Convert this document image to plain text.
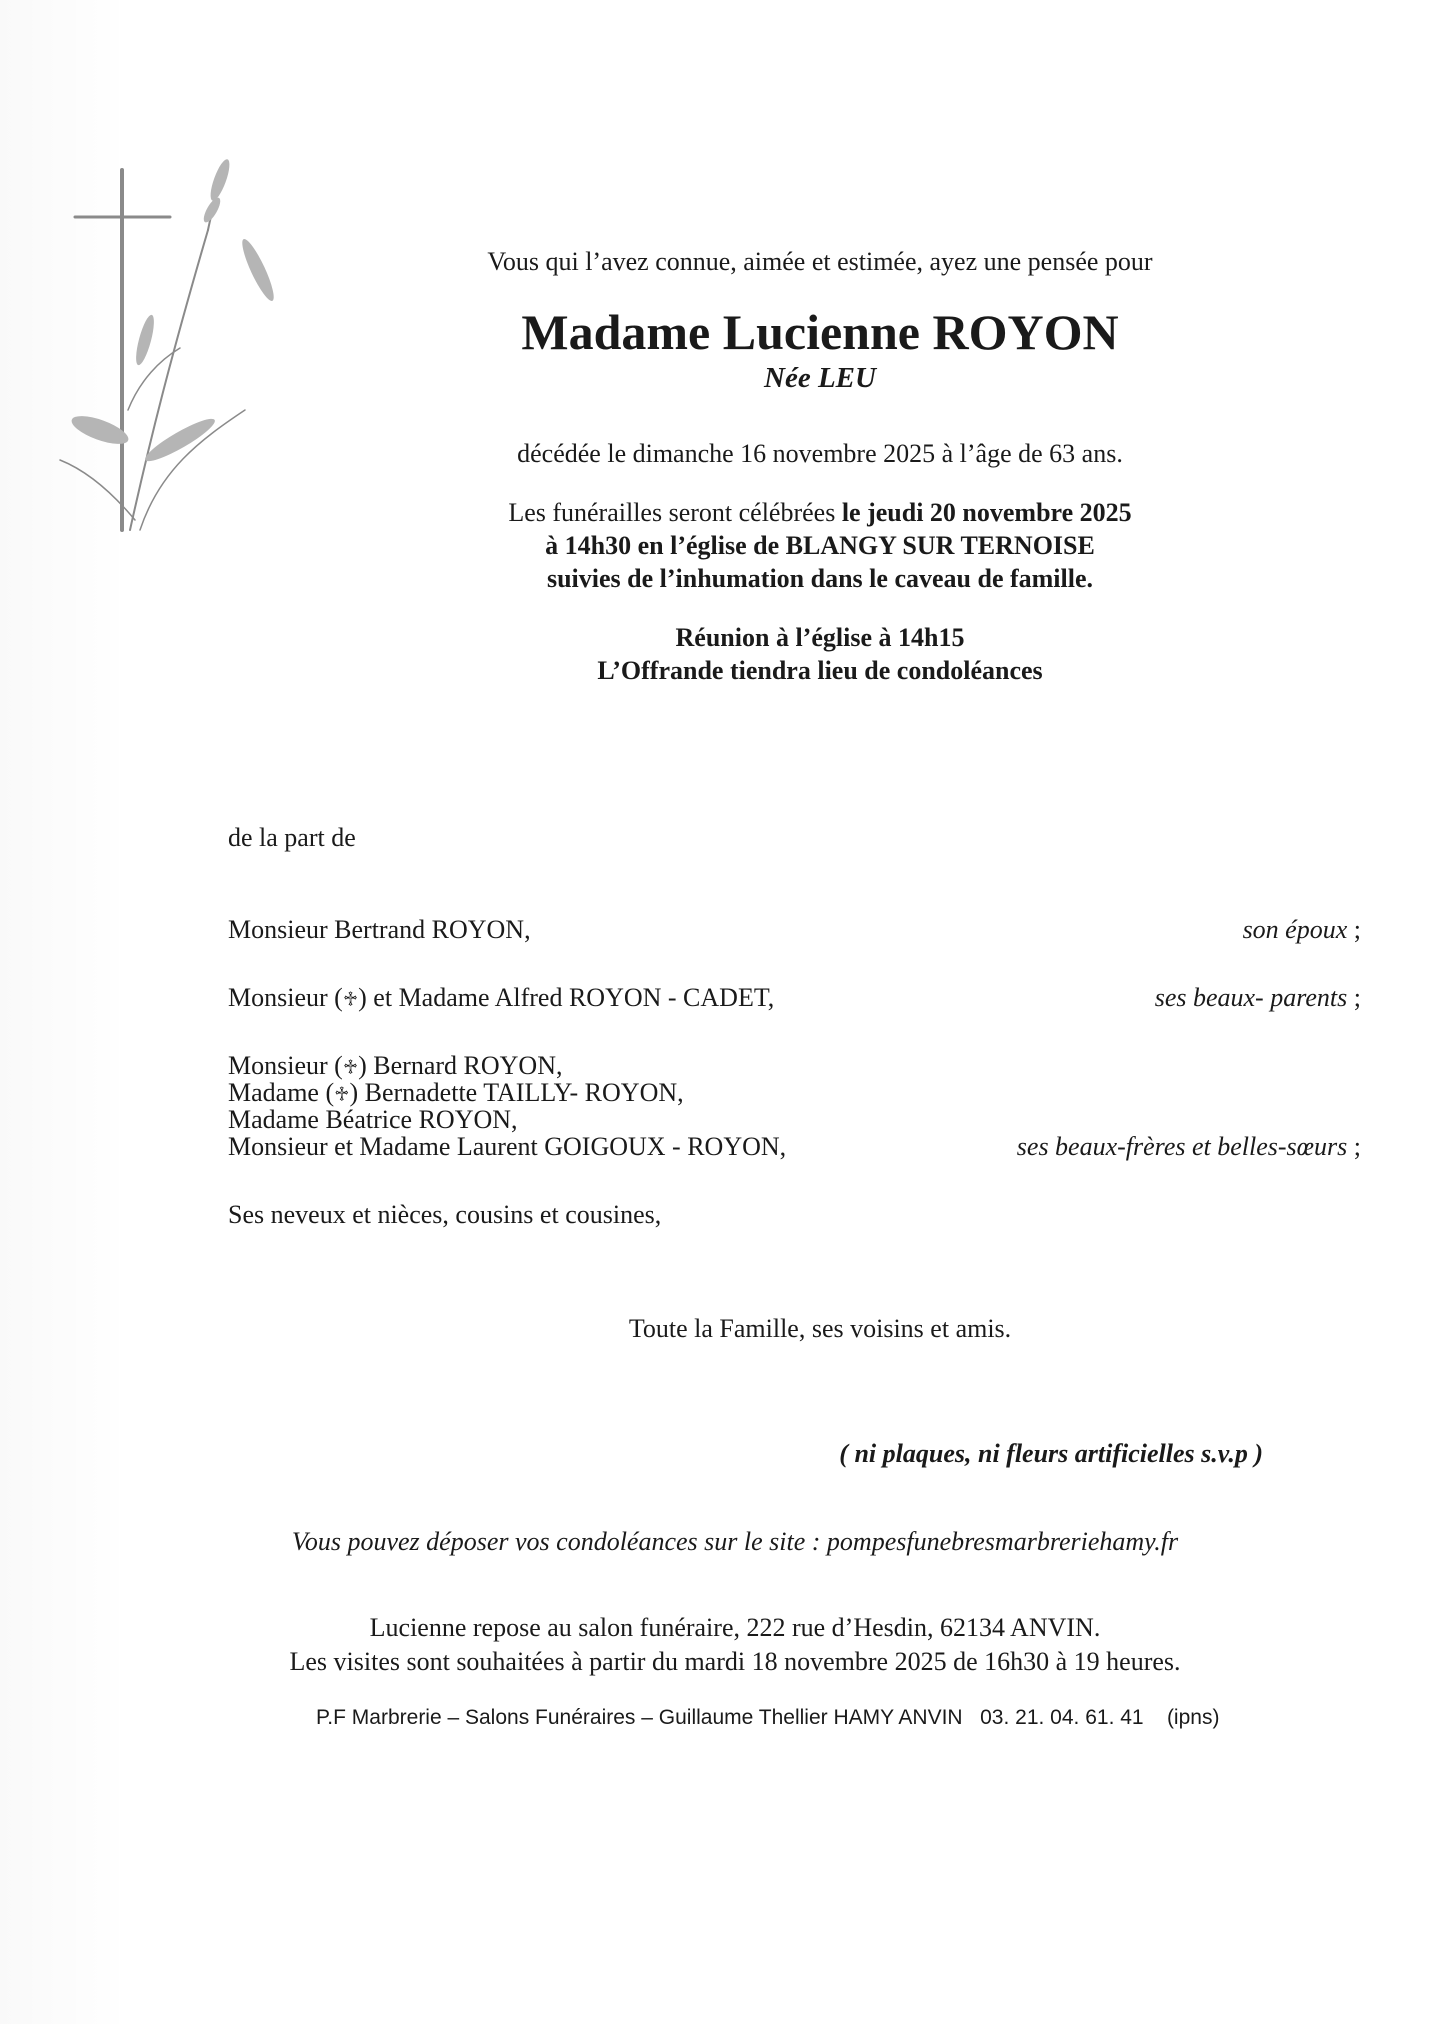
Vous qui l’avez connue, aimée et estimée, ayez une pensée pour
Madame Lucienne ROYON
Née LEU
décédée le dimanche 16 novembre 2025 à l’âge de 63 ans.
Les funérailles seront célébrées le jeudi 20 novembre 2025
à 14h30 en l’église de BLANGY SUR TERNOISE
suivies de l’inhumation dans le caveau de famille.
Réunion à l’église à 14h15
L’Offrande tiendra lieu de condoléances
de la part de
Monsieur Bertrand ROYON,	son époux ;
Monsieur (♱) et Madame Alfred ROYON - CADET,	ses beaux- parents ;
Monsieur (♱) Bernard ROYON,
Madame (♱) Bernadette TAILLY- ROYON,
Madame Béatrice ROYON,
Monsieur et Madame Laurent GOIGOUX - ROYON,	ses beaux-frères et belles-sœurs ;
Ses neveux et nièces, cousins et cousines,
Toute la Famille, ses voisins et amis.
( ni plaques, ni fleurs artificielles s.v.p )
Vous pouvez déposer vos condoléances sur le site : pompesfunebresmarbreriehamy.fr
Lucienne repose au salon funéraire, 222 rue d’Hesdin, 62134 ANVIN.
Les visites sont souhaitées à partir du mardi 18 novembre 2025 de 16h30 à 19 heures.
P.F Marbrerie – Salons Funéraires – Guillaume Thellier HAMY ANVIN 03. 21. 04. 61. 41 (ipns)
